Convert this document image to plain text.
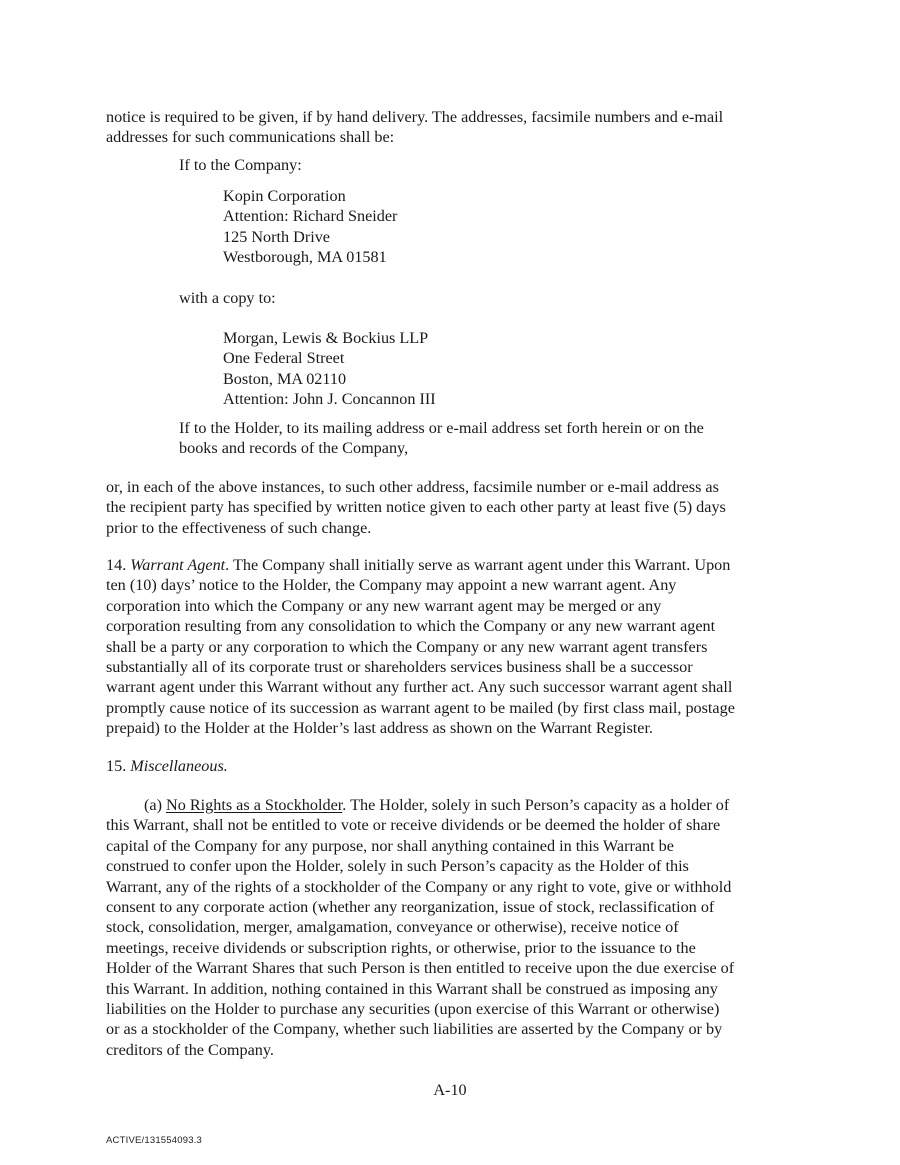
notice is required to be given, if by hand delivery. The addresses, facsimile numbers and e-mail
addresses for such communications shall be:
If to the Company:
Kopin Corporation
Attention: Richard Sneider
125 North Drive
Westborough, MA 01581
with a copy to:
Morgan, Lewis & Bockius LLP
One Federal Street
Boston, MA 02110
Attention: John J. Concannon III
If to the Holder, to its mailing address or e-mail address set forth herein or on the
books and records of the Company,
or, in each of the above instances, to such other address, facsimile number or e-mail address as
the recipient party has specified by written notice given to each other party at least five (5) days
prior to the effectiveness of such change.
14. Warrant Agent. The Company shall initially serve as warrant agent under this Warrant. Upon
ten (10) days’ notice to the Holder, the Company may appoint a new warrant agent. Any
corporation into which the Company or any new warrant agent may be merged or any
corporation resulting from any consolidation to which the Company or any new warrant agent
shall be a party or any corporation to which the Company or any new warrant agent transfers
substantially all of its corporate trust or shareholders services business shall be a successor
warrant agent under this Warrant without any further act. Any such successor warrant agent shall
promptly cause notice of its succession as warrant agent to be mailed (by first class mail, postage
prepaid) to the Holder at the Holder’s last address as shown on the Warrant Register.
15. Miscellaneous.
(a) No Rights as a Stockholder. The Holder, solely in such Person’s capacity as a holder of
this Warrant, shall not be entitled to vote or receive dividends or be deemed the holder of share
capital of the Company for any purpose, nor shall anything contained in this Warrant be
construed to confer upon the Holder, solely in such Person’s capacity as the Holder of this
Warrant, any of the rights of a stockholder of the Company or any right to vote, give or withhold
consent to any corporate action (whether any reorganization, issue of stock, reclassification of
stock, consolidation, merger, amalgamation, conveyance or otherwise), receive notice of
meetings, receive dividends or subscription rights, or otherwise, prior to the issuance to the
Holder of the Warrant Shares that such Person is then entitled to receive upon the due exercise of
this Warrant. In addition, nothing contained in this Warrant shall be construed as imposing any
liabilities on the Holder to purchase any securities (upon exercise of this Warrant or otherwise)
or as a stockholder of the Company, whether such liabilities are asserted by the Company or by
creditors of the Company.
A-10
ACTIVE/131554093.3
